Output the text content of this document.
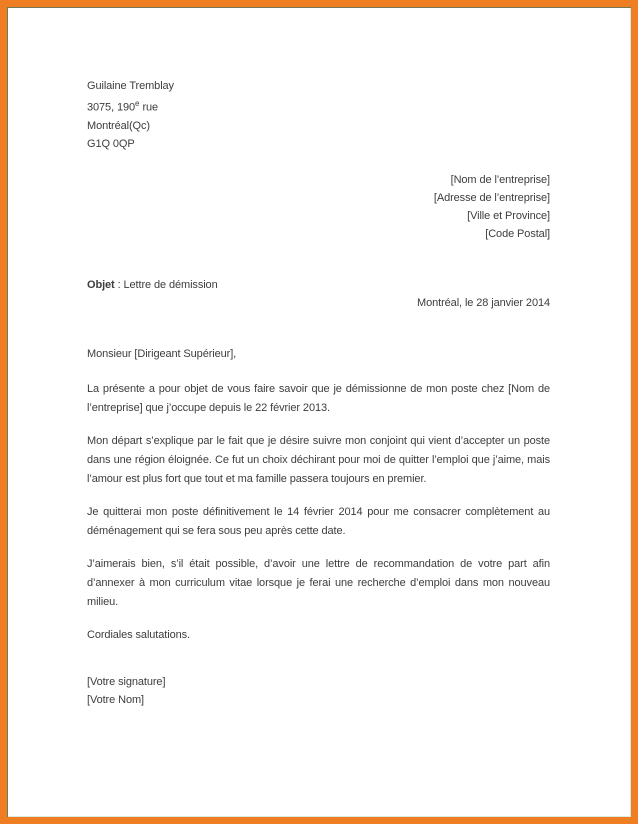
Guilaine Tremblay
3075, 190e rue
Montréal(Qc)
G1Q 0QP
[Nom de l’entreprise]
[Adresse de l’entreprise]
[Ville et Province]
[Code Postal]
Objet : Lettre de démission
Montréal, le 28 janvier 2014
Monsieur [Dirigeant Supérieur],

La présente a pour objet de vous faire savoir que je démissionne de mon poste chez [Nom de l’entreprise] que j’occupe depuis le 22 février 2013.

Mon départ s’explique par le fait que je désire suivre mon conjoint qui vient d’accepter un poste dans une région éloignée. Ce fut un choix déchirant pour moi de quitter l’emploi que j’aime, mais l’amour est plus fort que tout et ma famille passera toujours en premier.

Je quitterai mon poste définitivement le 14 février 2014 pour me consacrer complètement au déménagement qui se fera sous peu après cette date.

J’aimerais bien, s’il était possible, d’avoir une lettre de recommandation de votre part afin d’annexer à mon curriculum vitae lorsque je ferai une recherche d’emploi dans mon nouveau milieu.

Cordiales salutations.
[Votre signature]
[Votre Nom]
